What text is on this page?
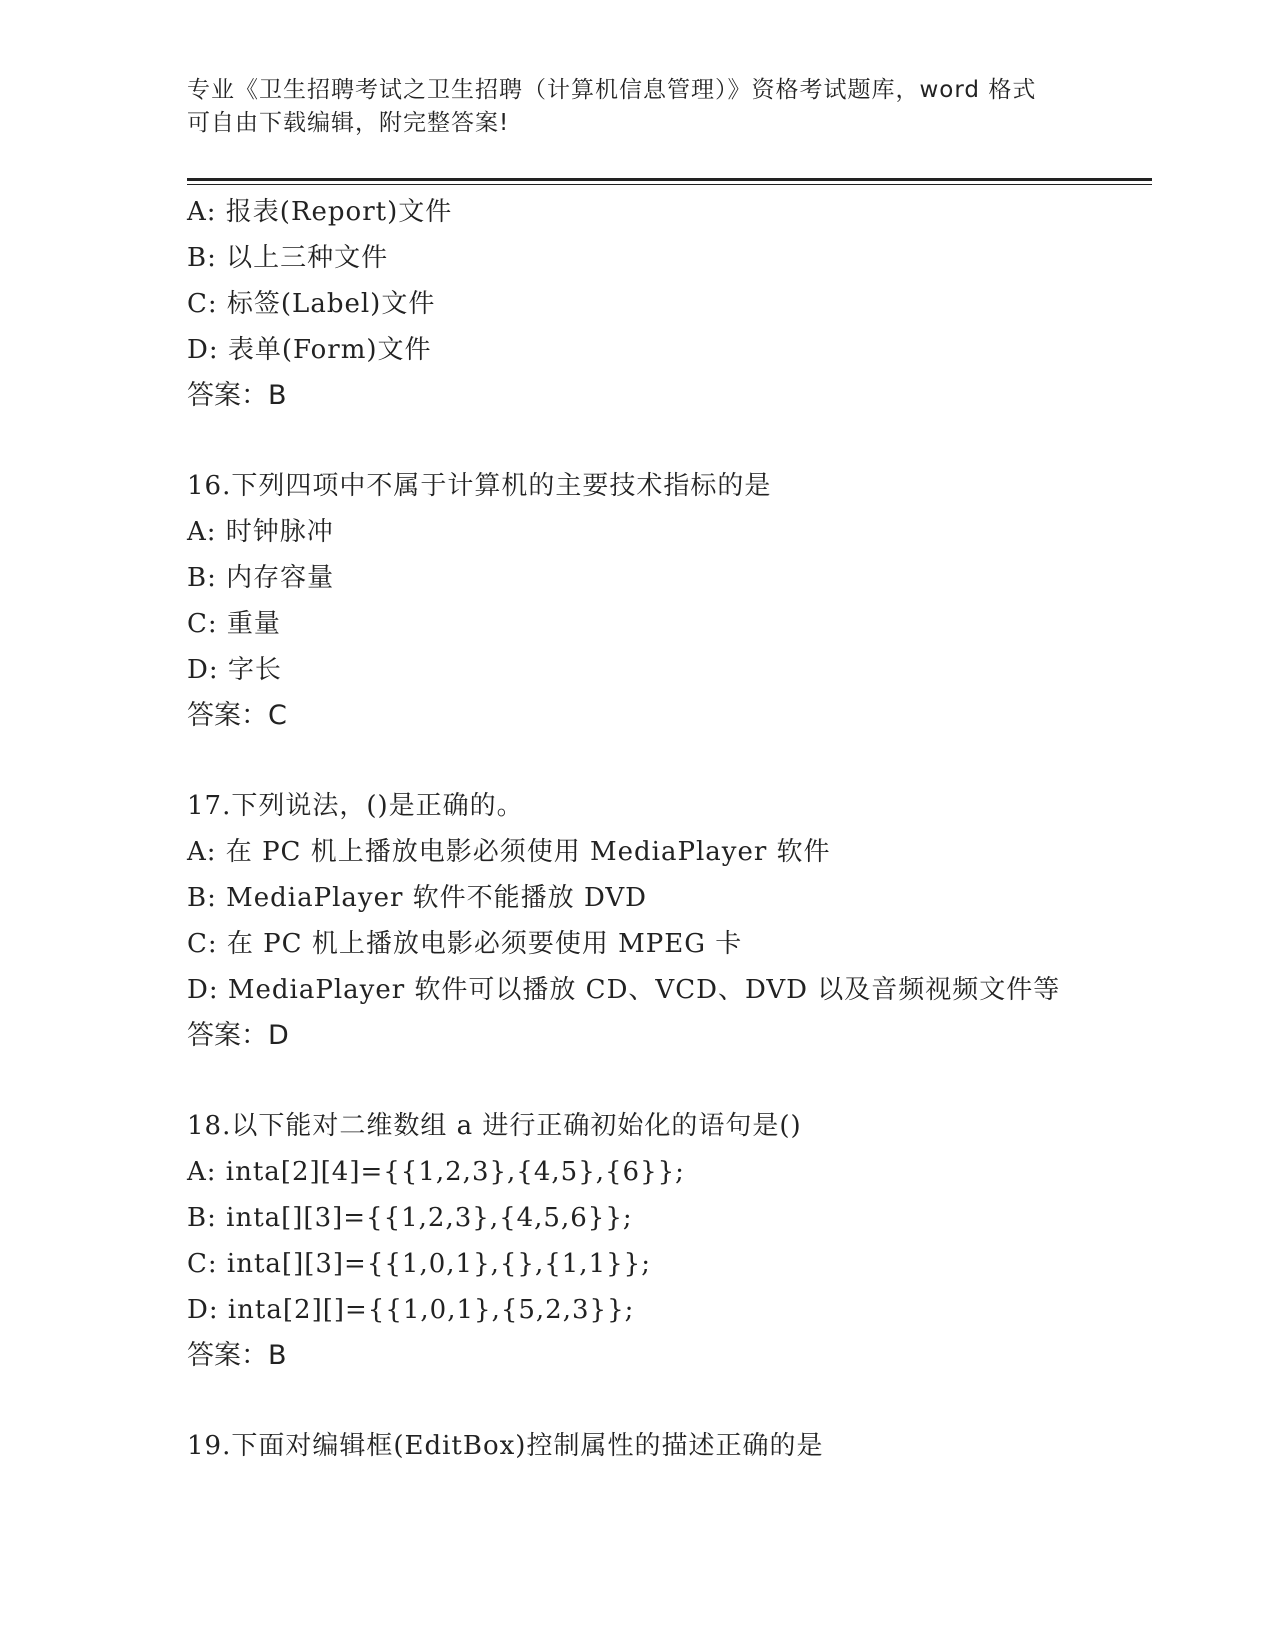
专业《卫生招聘考试之卫生招聘（计算机信息管理）》资格考试题库，word 格式
可自由下载编辑，附完整答案!
A: 报表(Report)文件
B: 以上三种文件
C: 标签(Label)文件
D: 表单(Form)文件
答案：B
16.下列四项中不属于计算机的主要技术指标的是
A: 时钟脉冲
B: 内存容量
C: 重量
D: 字长
答案：C
17.下列说法，()是正确的。
A: 在 PC 机上播放电影必须使用 MediaPlayer 软件
B: MediaPlayer 软件不能播放 DVD
C: 在 PC 机上播放电影必须要使用 MPEG 卡
D: MediaPlayer 软件可以播放 CD、VCD、DVD 以及音频视频文件等
答案：D
18.以下能对二维数组 a 进行正确初始化的语句是()
A: inta[2][4]={{1,2,3},{4,5},{6}};
B: inta[][3]={{1,2,3},{4,5,6}};
C: inta[][3]={{1,0,1},{},{1,1}};
D: inta[2][]={{1,0,1},{5,2,3}};
答案：B
19.下面对编辑框(EditBox)控制属性的描述正确的是
